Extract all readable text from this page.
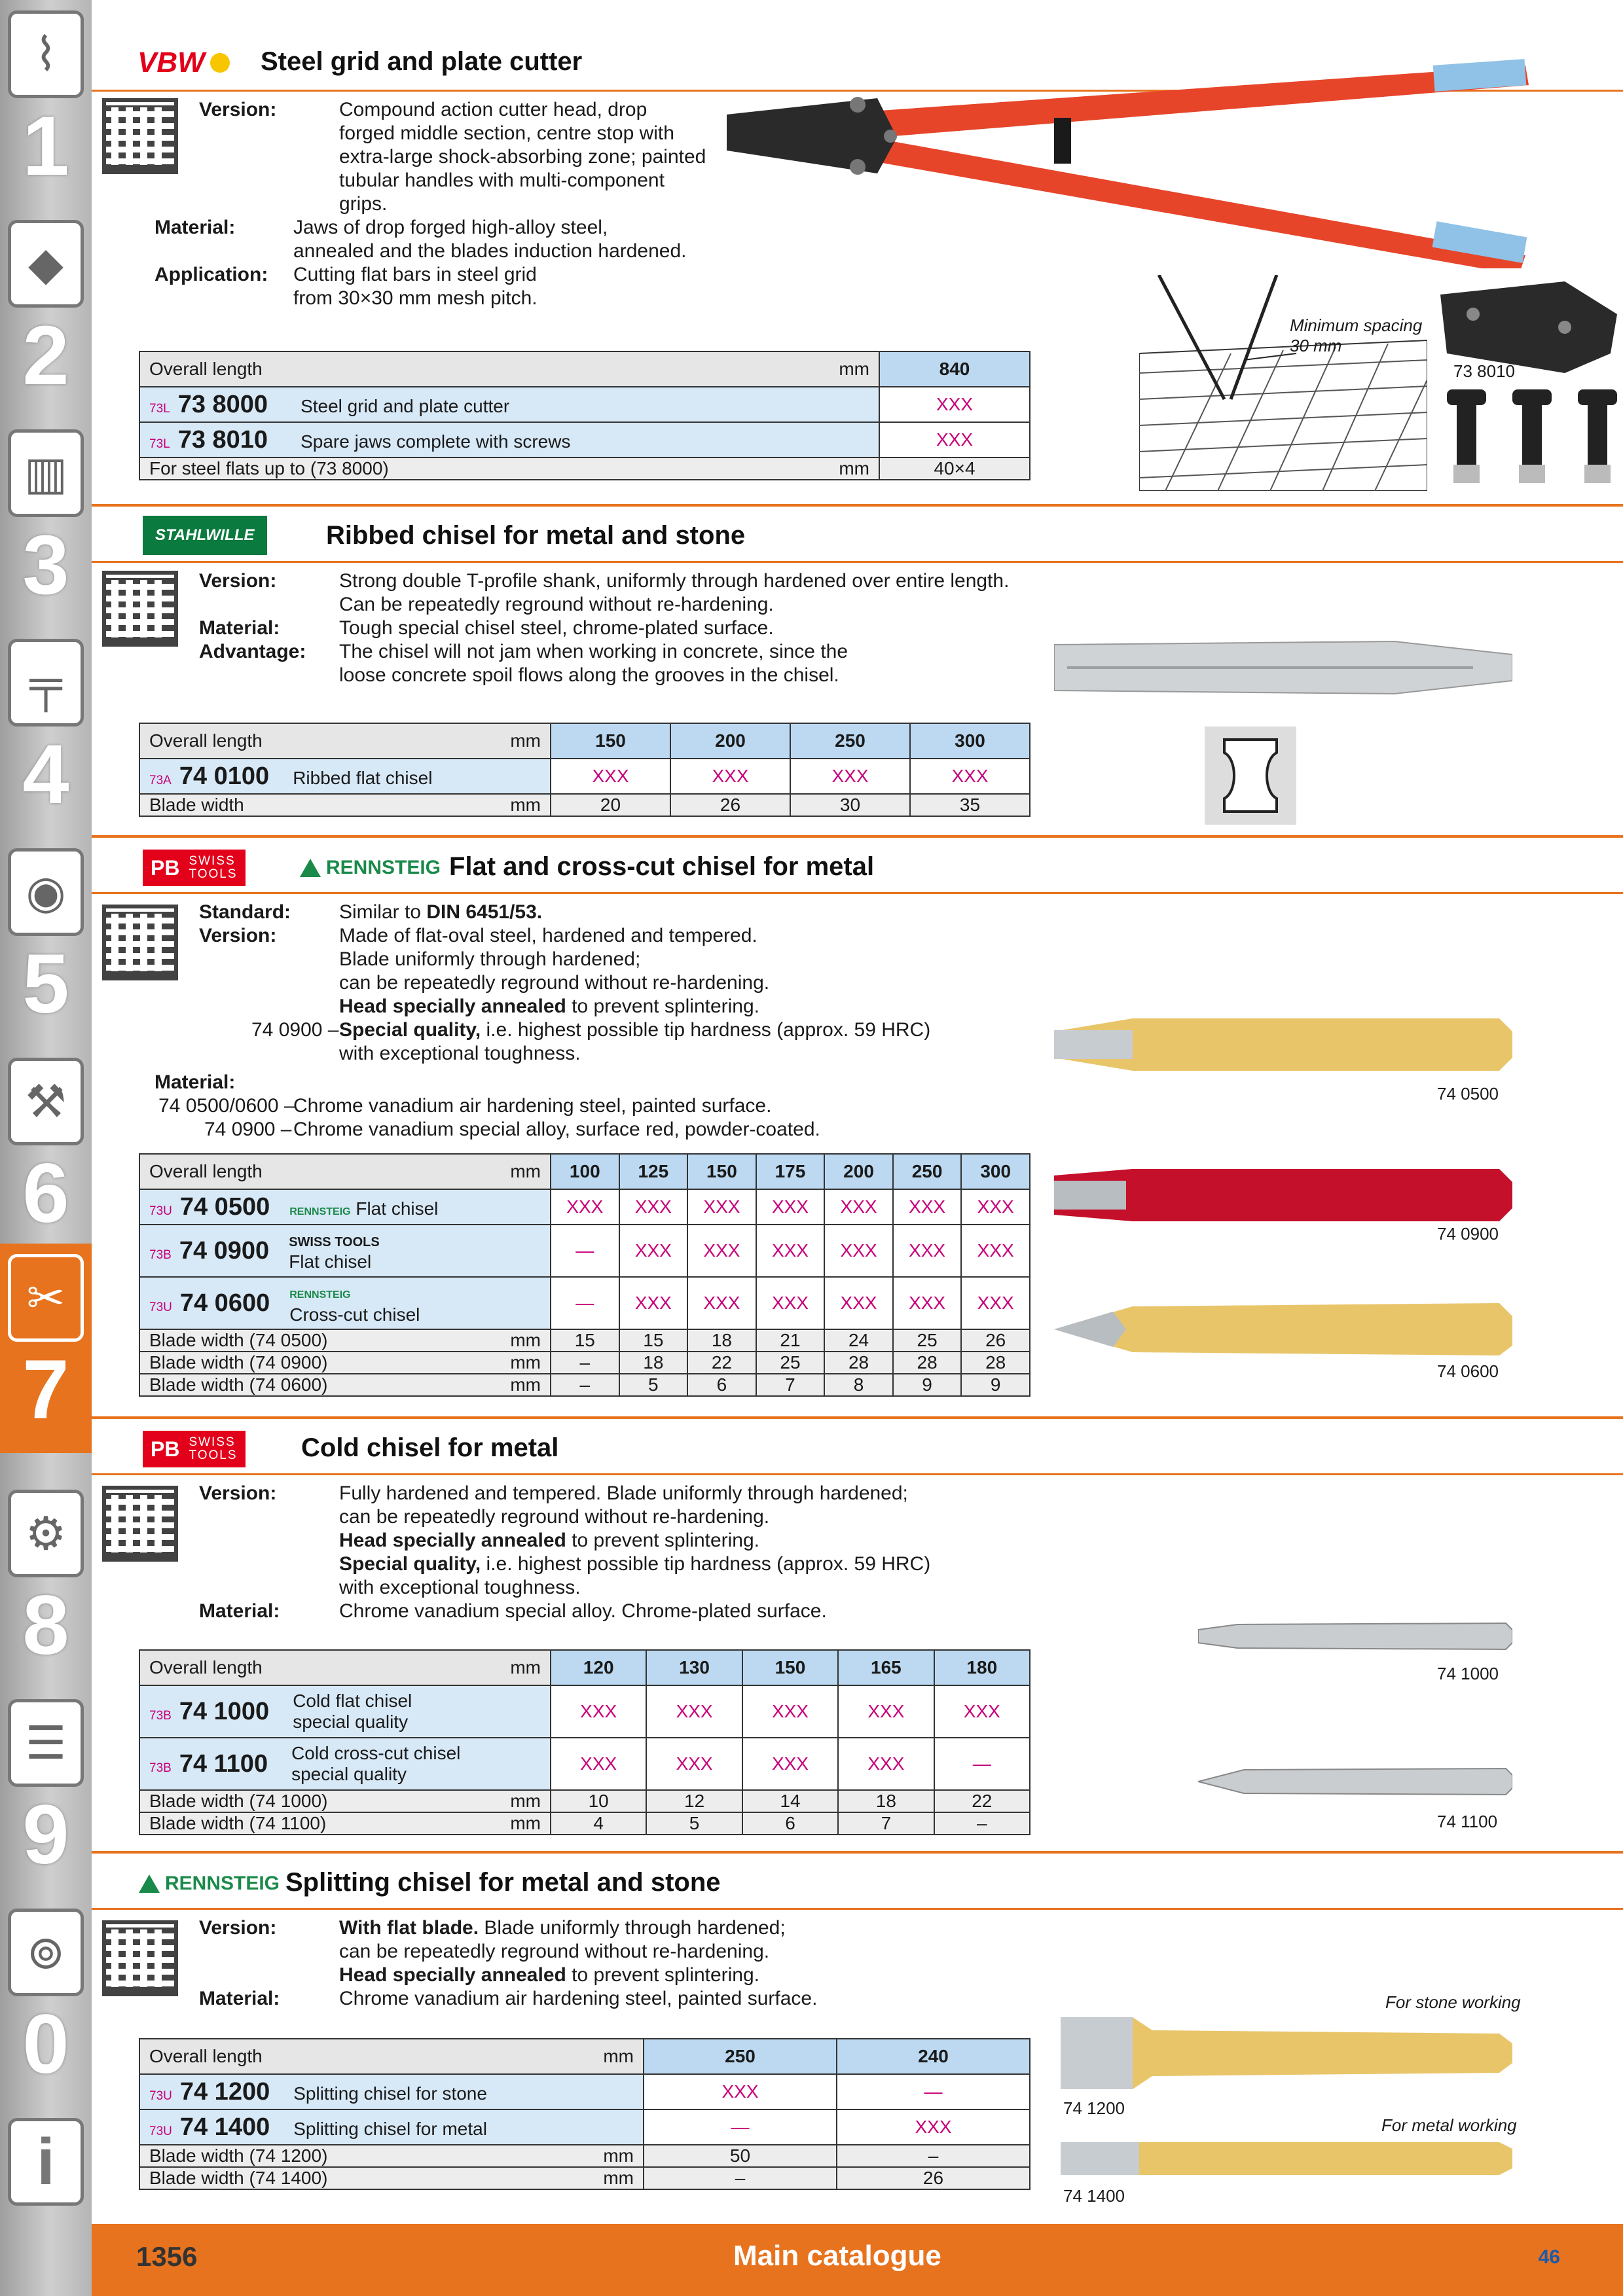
⌇
1
◆
2
▥
3
╤
4
◉
5
⚒
6
✂
7
⚙
8
☰
9
⊚
0
i
VBW Steel grid and plate cutter
Version:	Compound action cutter head, drop
forged middle section, centre stop with
extra-large shock-absorbing zone; painted
tubular handles with multi-component
grips.
Material:	Jaws of drop forged high-alloy steel,
annealed and the blades induction hardened.
Application: Cutting flat bars in steel grid
from 30×30 mm mesh pitch.
Minimum spacing
30 mm
73 8010
Overall length mm	840
73L 73 8000 Steel grid and plate cutter	XXX
73L 73 8010 Spare jaws complete with screws	XXX
For steel flats up to (73 8000) mm	40×4
STAHLWILLE	Ribbed chisel for metal and stone
Version:	Strong double T-profile shank, uniformly through hardened over entire length.
Can be repeatedly reground without re-hardening.
Material:	Tough special chisel steel, chrome-plated surface.
Advantage: The chisel will not jam when working in concrete, since the
loose concrete spoil flows along the grooves in the chisel.
Overall length mm	150	200	250	300
73A 74 0100 Ribbed flat chisel	XXX	XXX	XXX	XXX
Blade width mm	20	26	30	35
PB SWISS
TOOLS	RENNSTEIG Flat and cross-cut chisel for metal
Standard: Similar to DIN 6451/53.
Version:	Made of flat-oval steel, hardened and tempered.
Blade uniformly through hardened;
can be repeatedly reground without re-hardening.
Head specially annealed to prevent splintering.
74 0900 – Special quality, i.e. highest possible tip hardness (approx. 59 HRC)
with exceptional toughness.
Material:
74 0500/0600 –
Chrome vanadium air hardening steel, painted surface.
74 0900 – Chrome vanadium special alloy, surface red, powder-coated.
74 0500
74 0900
74 0600
Overall length mm	100	125	150	175	200	250	300
73U 74 0500 RENNSTEIG Flat chisel	XXX	XXX	XXX	XXX	XXX	XXX	XXX
73B 74 0900 SWISS TOOLS
Flat chisel	—	XXX	XXX	XXX	XXX	XXX	XXX
73U 74 0600 RENNSTEIG
Cross-cut chisel	—	XXX	XXX	XXX	XXX	XXX	XXX
Blade width (74 0500) mm	15	15	18	21	24	25	26
Blade width (74 0900) mm	–	18	22	25	28	28	28
Blade width (74 0600) mm	–	5	6	7	8	9	9
PB SWISS
TOOLS Cold chisel for metal
Version:	Fully hardened and tempered. Blade uniformly through hardened;
can be repeatedly reground without re-hardening.
Head specially annealed to prevent splintering.
Special quality, i.e. highest possible tip hardness (approx. 59 HRC)
with exceptional toughness.
Material:	Chrome vanadium special alloy. Chrome-plated surface.
74 1000
74 1100
Overall length mm	120	130	150	165	180
73B 74 1000 Cold flat chisel
special quality	XXX	XXX	XXX	XXX	XXX
73B 74 1100 Cold cross-cut chisel
special quality	XXX	XXX	XXX	XXX	—
Blade width (74 1000) mm	10	12	14	18	22
Blade width (74 1100) mm	4	5	6	7	–
RENNSTEIG Splitting chisel for metal and stone
Version:	With flat blade. Blade uniformly through hardened;
can be repeatedly reground without re-hardening.
Head specially annealed to prevent splintering.
Material:	Chrome vanadium air hardening steel, painted surface.	For stone working
74 1200
For metal working
74 1400
Overall length mm	250	240
73U 74 1200 Splitting chisel for stone	XXX	—
73U 74 1400 Splitting chisel for metal	—	XXX
Blade width (74 1200) mm	50	–
Blade width (74 1400) mm	–	26
1356	Main catalogue	46
